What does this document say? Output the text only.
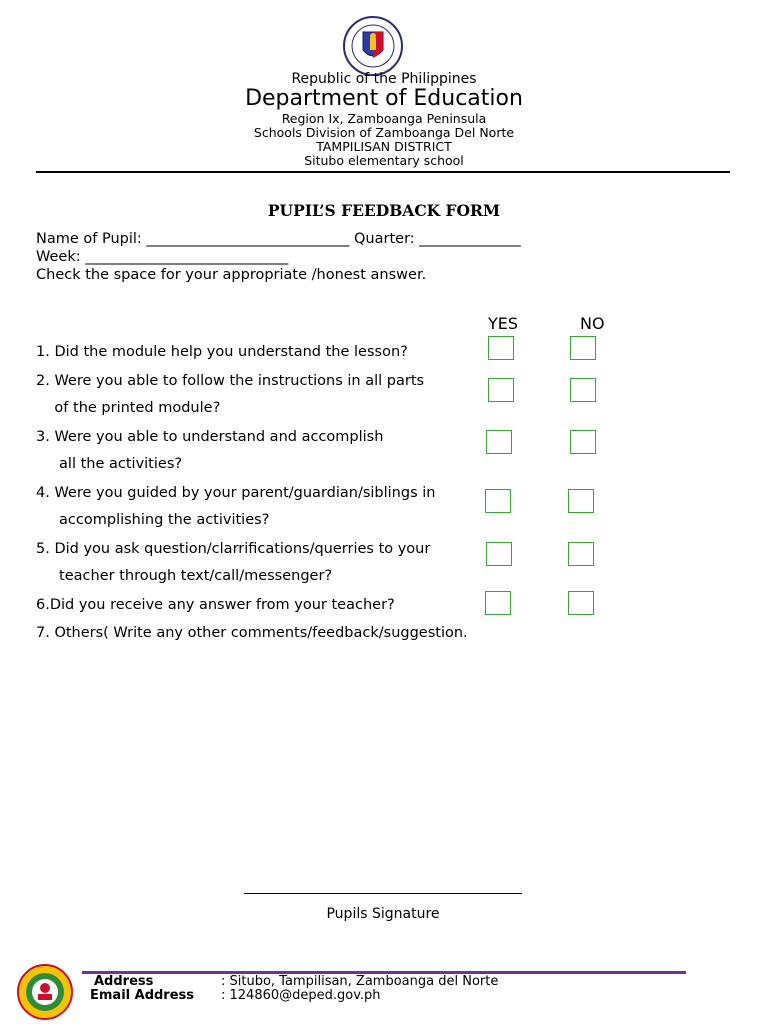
Republic of the Philippines
Department of Education
Region Ix, Zamboanga Peninsula
Schools Division of Zamboanga Del Norte
TAMPILISAN DISTRICT
Situbo elementary school
PUPIL’S FEEDBACK FORM
Name of Pupil: ____________________________ Quarter: ______________
Week: ____________________________
Check the space for your appropriate /honest answer.
YES	NO
1. Did the module help you understand the lesson?
2. Were you able to follow the instructions in all parts
of the printed module?
3. Were you able to understand and accomplish
all the activities?
4. Were you guided by your parent/guardian/siblings in
accomplishing the activities?
5. Did you ask question/clarrifications/querries to your
teacher through text/call/messenger?
6.Did you receive any answer from your teacher?
7. Others( Write any other comments/feedback/suggestion.
Pupils Signature
Address	: Situbo, Tampilisan, Zamboanga del Norte
Email Address : 124860@deped.gov.ph
